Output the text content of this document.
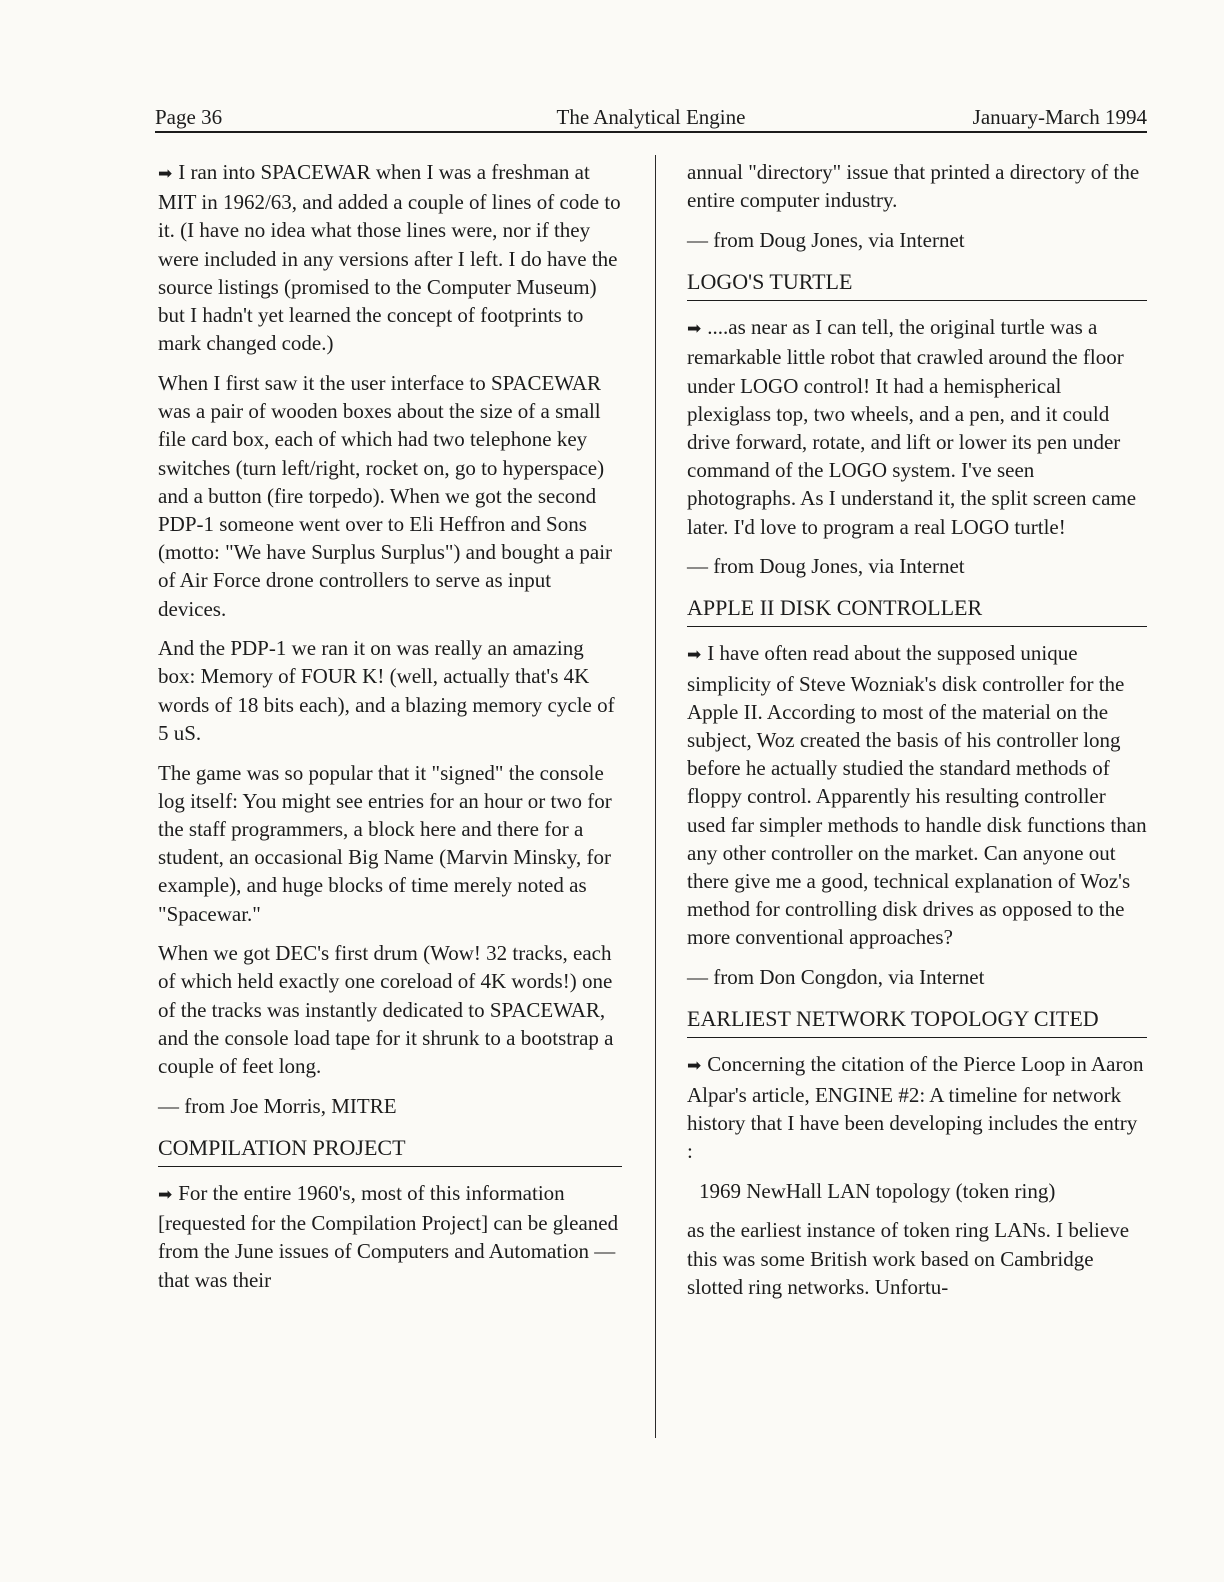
Page 36	The Analytical Engine	January-March 1994

➡ I ran into SPACEWAR when I was a freshman at MIT in 1962/63, and added a couple of lines of code to it. (I have no idea what those lines were, nor if they were included in any versions after I left. I do have the source listings (promised to the Computer Museum) but I hadn't yet learned the concept of footprints to mark changed code.)

When I first saw it the user interface to SPACEWAR was a pair of wooden boxes about the size of a small file card box, each of which had two telephone key switches (turn left/right, rocket on, go to hyperspace) and a button (fire torpedo). When we got the second PDP-1 someone went over to Eli Heffron and Sons (motto: "We have Surplus Surplus") and bought a pair of Air Force drone controllers to serve as input devices.

And the PDP-1 we ran it on was really an amazing box: Memory of FOUR K! (well, actually that's 4K words of 18 bits each), and a blazing memory cycle of 5 uS.

The game was so popular that it "signed" the console log itself: You might see entries for an hour or two for the staff programmers, a block here and there for a student, an occasional Big Name (Marvin Minsky, for example), and huge blocks of time merely noted as "Spacewar."

When we got DEC's first drum (Wow! 32 tracks, each of which held exactly one coreload of 4K words!) one of the tracks was instantly dedicated to SPACEWAR, and the console load tape for it shrunk to a bootstrap a couple of feet long.

— from Joe Morris, MITRE

COMPILATION PROJECT

➡ For the entire 1960's, most of this information [requested for the Compilation Project] can be gleaned from the June issues of Computers and Automation — that was their

annual "directory" issue that printed a directory of the entire computer industry.

— from Doug Jones, via Internet

LOGO'S TURTLE

➡ ....as near as I can tell, the original turtle was a remarkable little robot that crawled around the floor under LOGO control! It had a hemispherical plexiglass top, two wheels, and a pen, and it could drive forward, rotate, and lift or lower its pen under command of the LOGO system. I've seen photographs. As I understand it, the split screen came later. I'd love to program a real LOGO turtle!

— from Doug Jones, via Internet

APPLE II DISK CONTROLLER

➡ I have often read about the supposed unique simplicity of Steve Wozniak's disk controller for the Apple II. According to most of the material on the subject, Woz created the basis of his controller long before he actually studied the standard methods of floppy control. Apparently his resulting controller used far simpler methods to handle disk functions than any other controller on the market. Can anyone out there give me a good, technical explanation of Woz's method for controlling disk drives as opposed to the more conventional approaches?

— from Don Congdon, via Internet

EARLIEST NETWORK TOPOLOGY CITED

➡ Concerning the citation of the Pierce Loop in Aaron Alpar's article, ENGINE #2: A timeline for network history that I have been developing includes the entry :

1969 NewHall LAN topology (token ring)

as the earliest instance of token ring LANs. I believe this was some British work based on Cambridge slotted ring networks. Unfortu-
